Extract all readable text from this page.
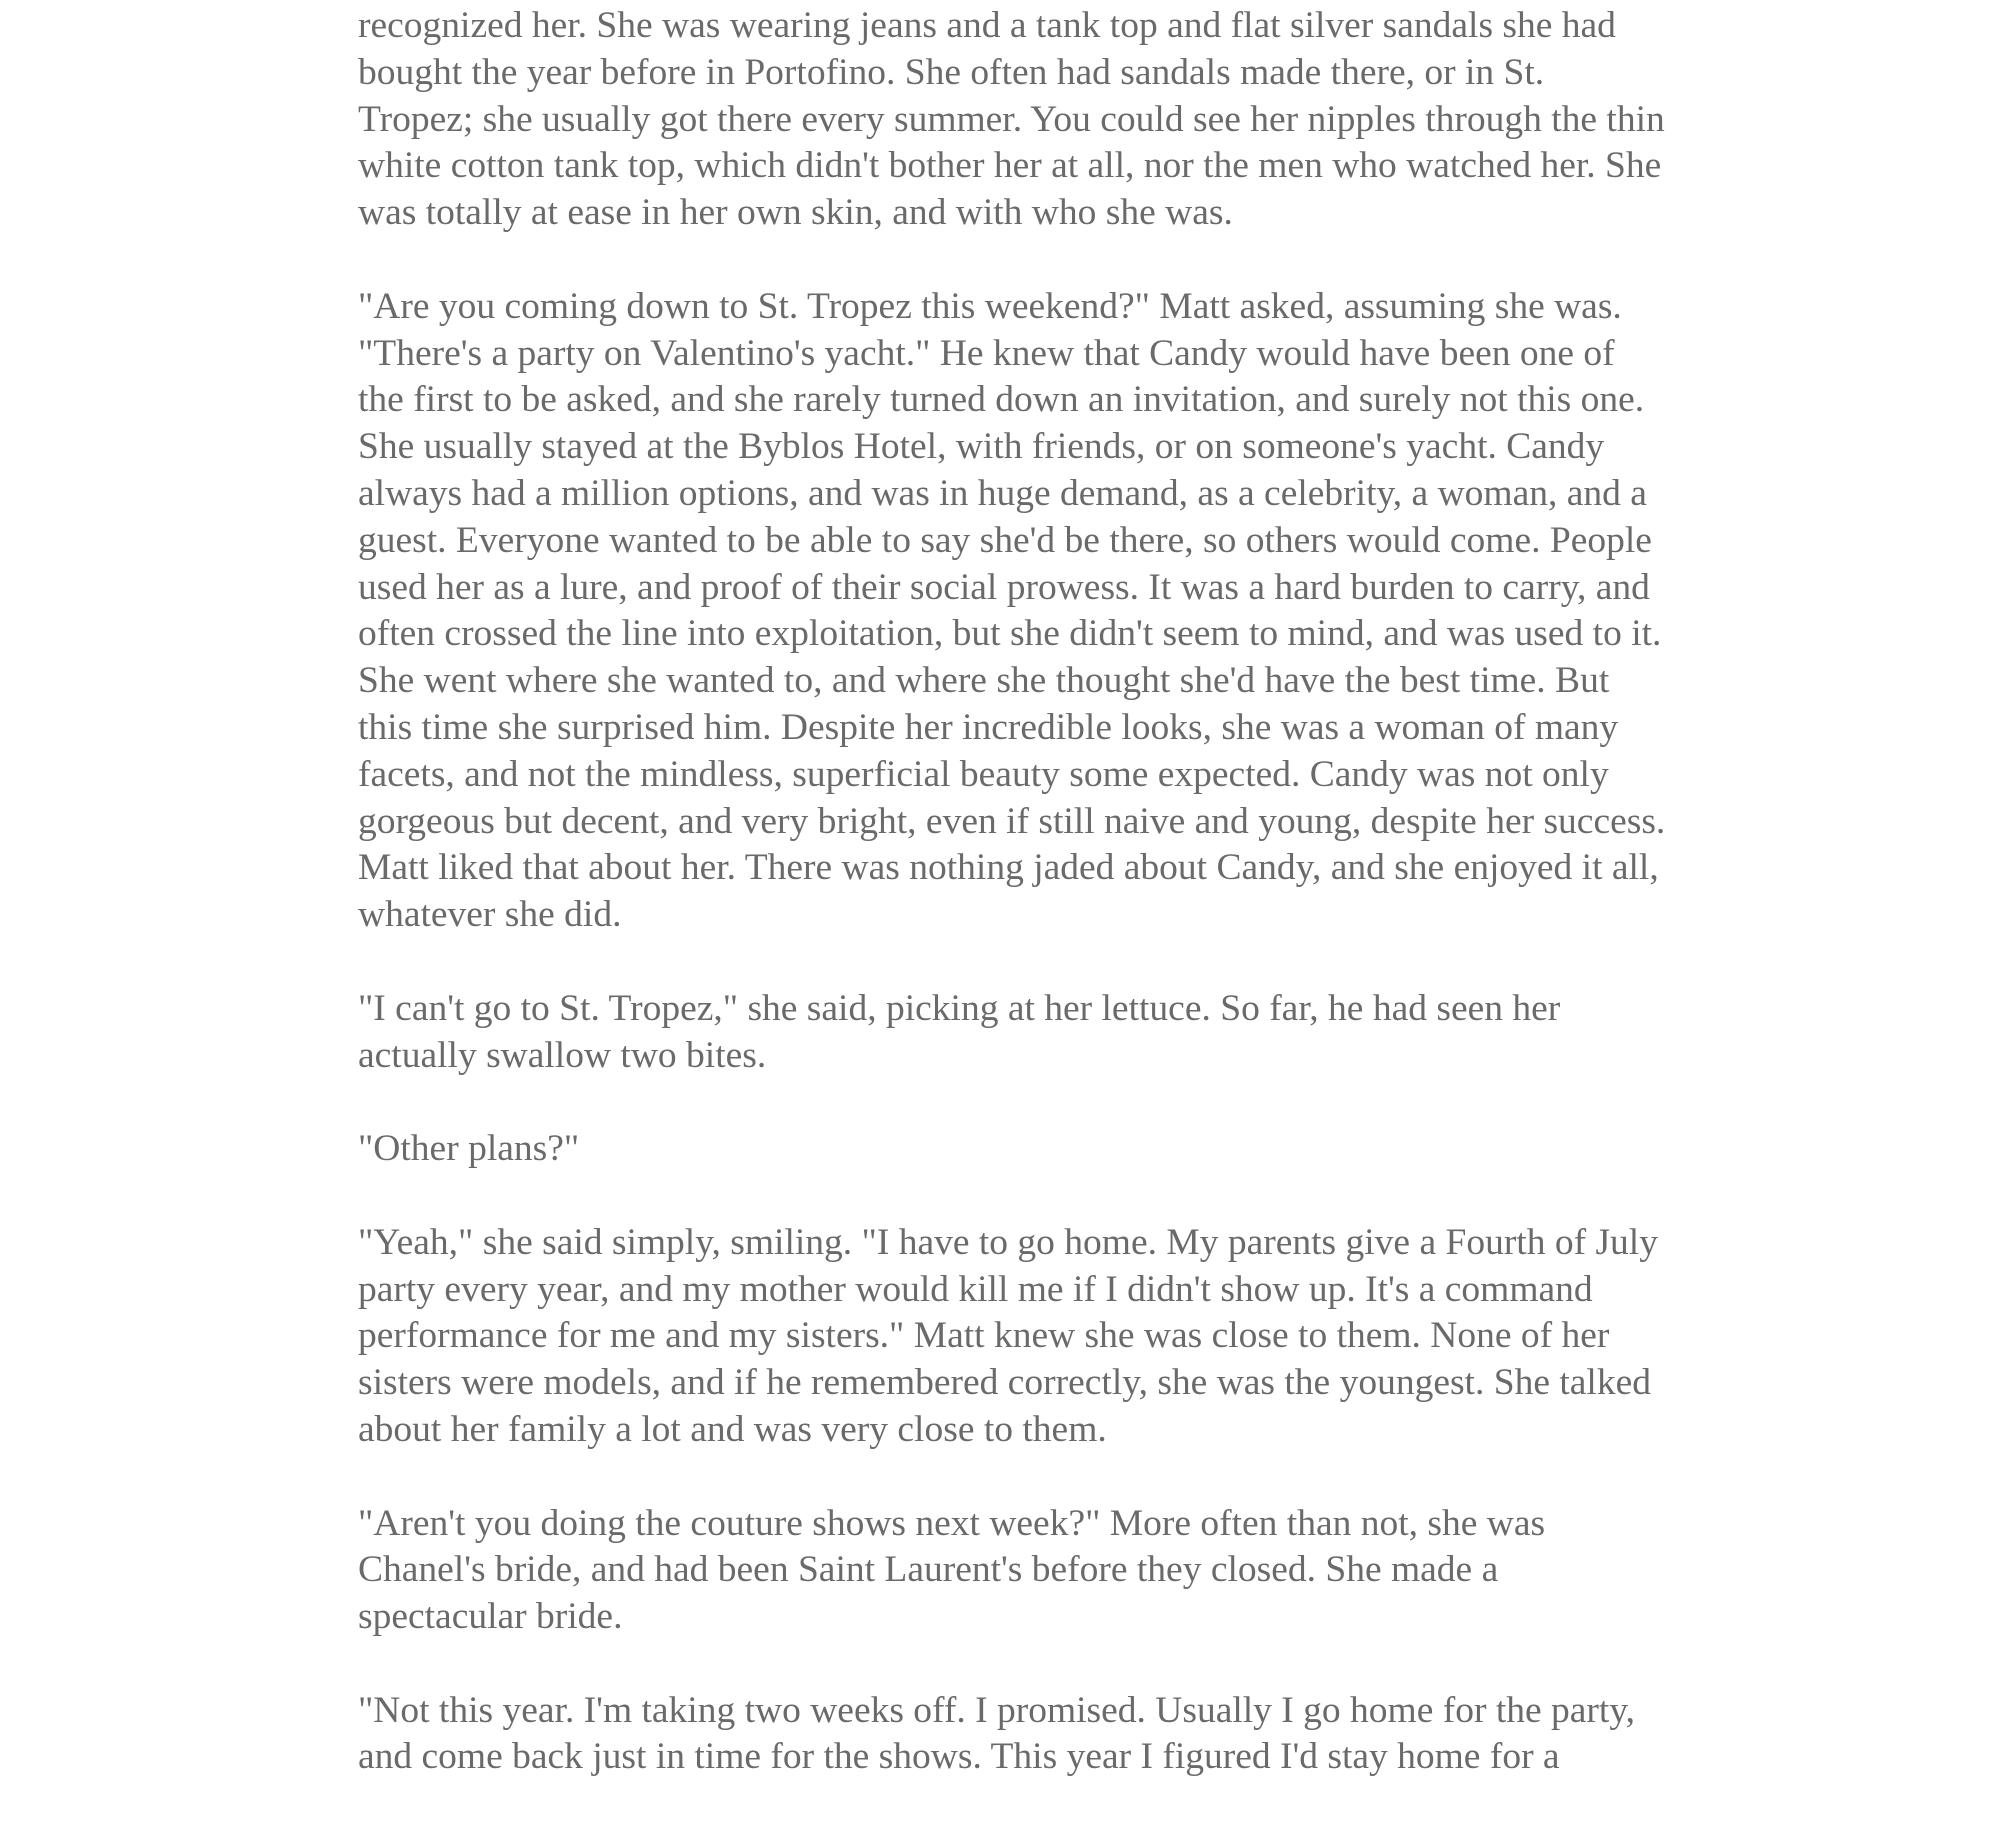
recognized her. She was wearing jeans and a tank top and flat silver sandals she had bought the year before in Portofino. She often had sandals made there, or in St. Tropez; she usually got there every summer. You could see her nipples through the thin white cotton tank top, which didn't bother her at all, nor the men who watched her. She was totally at ease in her own skin, and with who she was.

"Are you coming down to St. Tropez this weekend?" Matt asked, assuming she was. "There's a party on Valentino's yacht." He knew that Candy would have been one of the first to be asked, and she rarely turned down an invitation, and surely not this one. She usually stayed at the Byblos Hotel, with friends, or on someone's yacht. Candy always had a million options, and was in huge demand, as a celebrity, a woman, and a guest. Everyone wanted to be able to say she'd be there, so others would come. People used her as a lure, and proof of their social prowess. It was a hard burden to carry, and often crossed the line into exploitation, but she didn't seem to mind, and was used to it. She went where she wanted to, and where she thought she'd have the best time. But this time she surprised him. Despite her incredible looks, she was a woman of many facets, and not the mindless, superficial beauty some expected. Candy was not only gorgeous but decent, and very bright, even if still naive and young, despite her success. Matt liked that about her. There was nothing jaded about Candy, and she enjoyed it all, whatever she did.

"I can't go to St. Tropez," she said, picking at her lettuce. So far, he had seen her actually swallow two bites.

"Other plans?"

"Yeah," she said simply, smiling. "I have to go home. My parents give a Fourth of July party every year, and my mother would kill me if I didn't show up. It's a command performance for me and my sisters." Matt knew she was close to them. None of her sisters were models, and if he remembered correctly, she was the youngest. She talked about her family a lot and was very close to them.

"Aren't you doing the couture shows next week?" More often than not, she was Chanel's bride, and had been Saint Laurent's before they closed. She made a spectacular bride.

"Not this year. I'm taking two weeks off. I promised. Usually I go home for the party, and come back just in time for the shows. This year I figured I'd stay home for a
